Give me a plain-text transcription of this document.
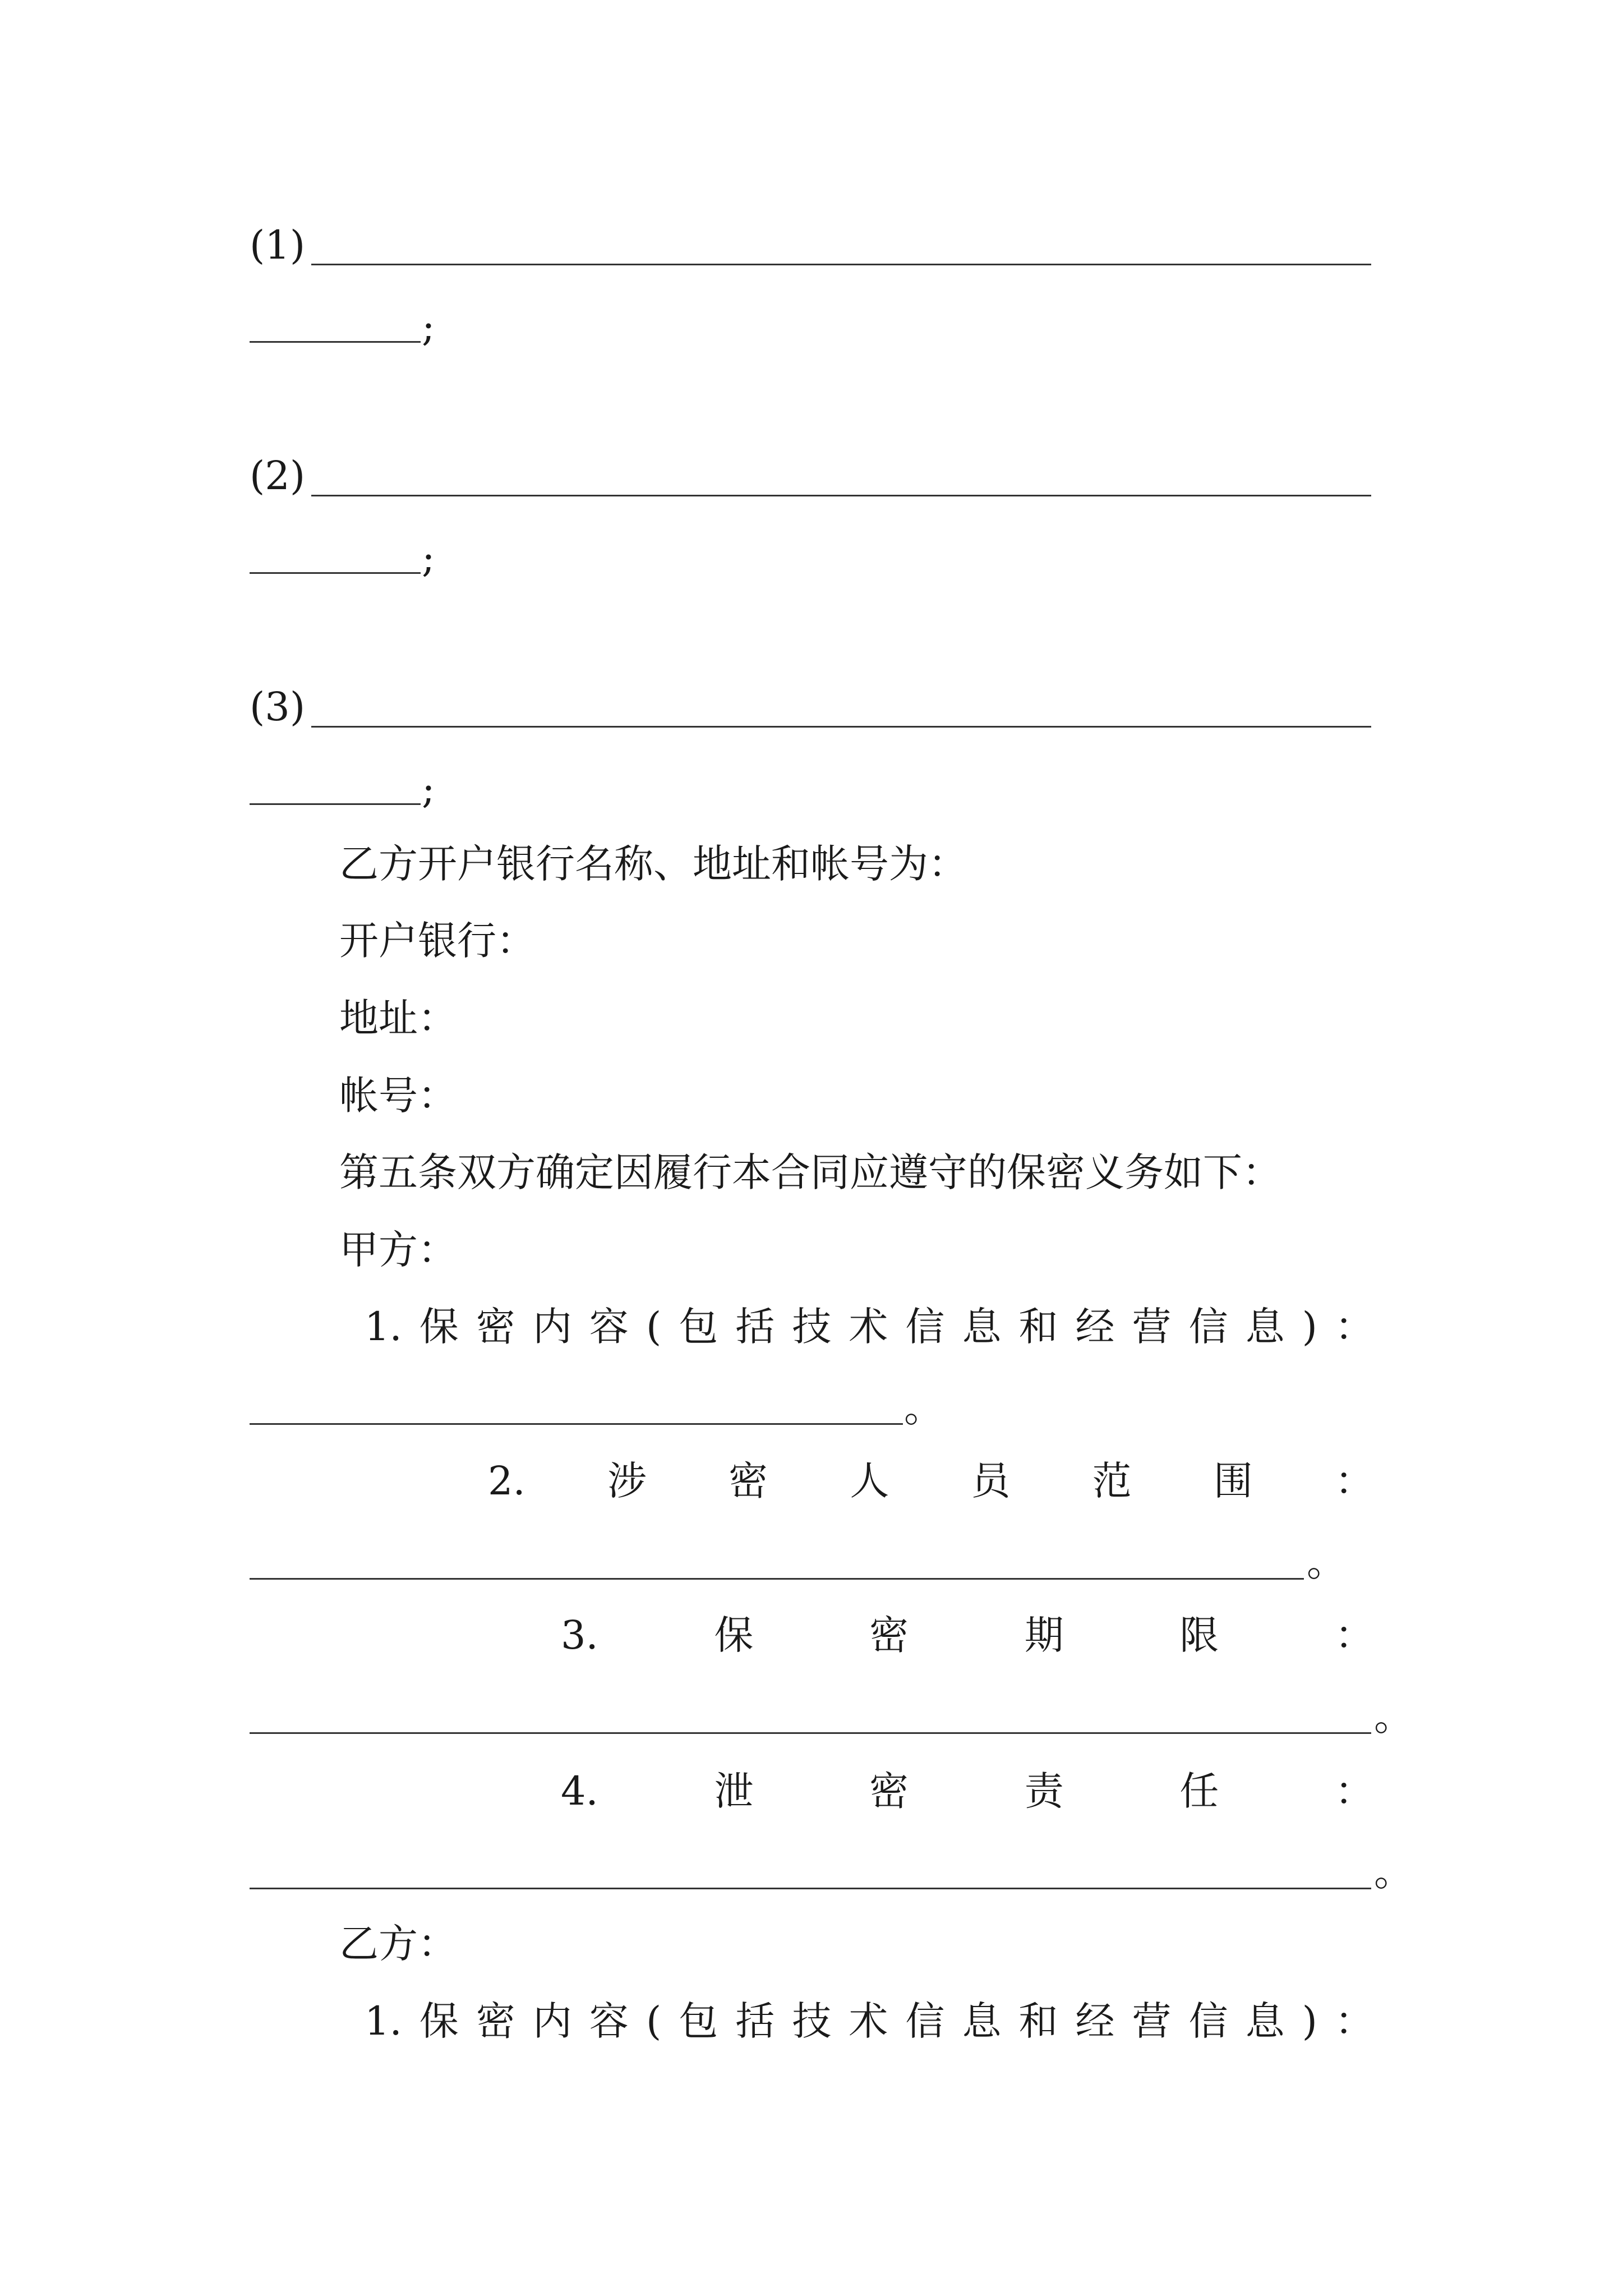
(1)
;
(2)
;
(3)
;
乙方开户银行名称、地址和帐号为：
开户银行：
地址：
帐号：
第五条双方确定因履行本合同应遵守的保密义务如下：
甲方：
1. 保 密 内 容 ( 包 括 技 术 信 息 和 经 营 信 息 ) ：
。
2. 涉 密 人 员 范 围 ：
。
3.	保	密	期	限	：
。
4.	泄	密	责	任	：
。
乙方：
1. 保 密 内 容 ( 包 括 技 术 信 息 和 经 营 信 息 ) ：
